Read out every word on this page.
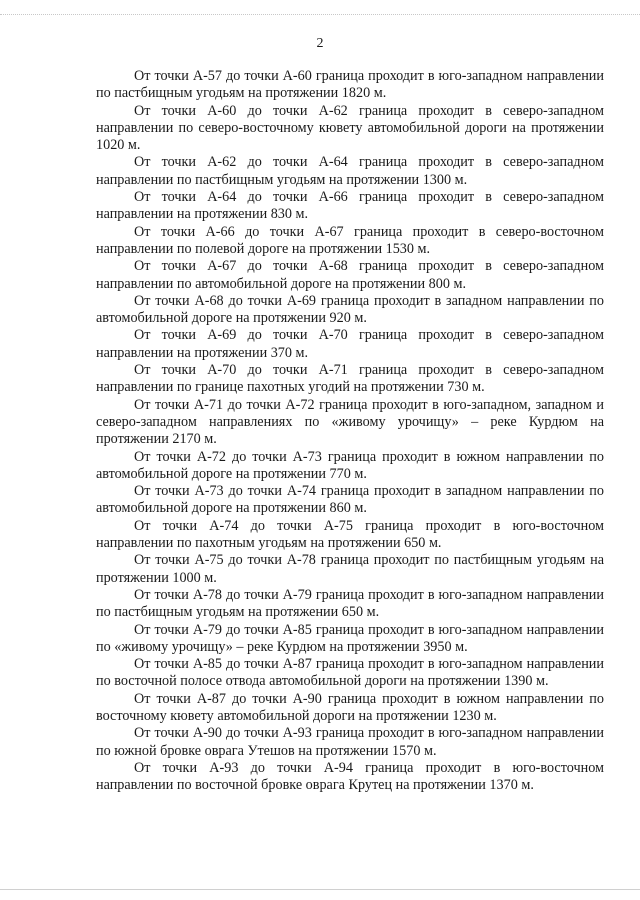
2

От точки А-57 до точки А-60 граница проходит в юго-западном направлении по пастбищным угодьям на протяжении 1820 м.

От точки А-60 до точки А-62 граница проходит в северо-западном направлении по северо-восточному кювету автомобильной дороги на протяжении 1020 м.

От точки А-62 до точки А-64 граница проходит в северо-западном направлении по пастбищным угодьям на протяжении 1300 м.

От точки А-64 до точки А-66 граница проходит в северо-западном направлении на протяжении 830 м.

От точки А-66 до точки А-67 граница проходит в северо-восточном направлении по полевой дороге на протяжении 1530 м.

От точки А-67 до точки А-68 граница проходит в северо-западном направлении по автомобильной дороге на протяжении 800 м.

От точки А-68 до точки А-69 граница проходит в западном направлении по автомобильной дороге на протяжении 920 м.

От точки А-69 до точки А-70 граница проходит в северо-западном направлении на протяжении 370 м.

От точки А-70 до точки А-71 граница проходит в северо-западном направлении по границе пахотных угодий на протяжении 730 м.

От точки А-71 до точки А-72 граница проходит в юго-западном, западном и северо-западном направлениях по «живому урочищу» – реке Курдюм на протяжении 2170 м.

От точки А-72 до точки А-73 граница проходит в южном направлении по автомобильной дороге на протяжении 770 м.

От точки А-73 до точки А-74 граница проходит в западном направлении по автомобильной дороге на протяжении 860 м.

От точки А-74 до точки А-75 граница проходит в юго-восточном направлении по пахотным угодьям на протяжении 650 м.

От точки А-75 до точки А-78 граница проходит по пастбищным угодьям на протяжении 1000 м.

От точки А-78 до точки А-79 граница проходит в юго-западном направлении по пастбищным угодьям на протяжении 650 м.

От точки А-79 до точки А-85 граница проходит в юго-западном направлении по «живому урочищу» – реке Курдюм на протяжении 3950 м.

От точки А-85 до точки А-87 граница проходит в юго-западном направлении по восточной полосе отвода автомобильной дороги на протяжении 1390 м.

От точки А-87 до точки А-90 граница проходит в южном направлении по восточному кювету автомобильной дороги на протяжении 1230 м.

От точки А-90 до точки А-93 граница проходит в юго-западном направлении по южной бровке оврага Утешов на протяжении 1570 м.

От точки А-93 до точки А-94 граница проходит в юго-восточном направлении по восточной бровке оврага Крутец на протяжении 1370 м.
